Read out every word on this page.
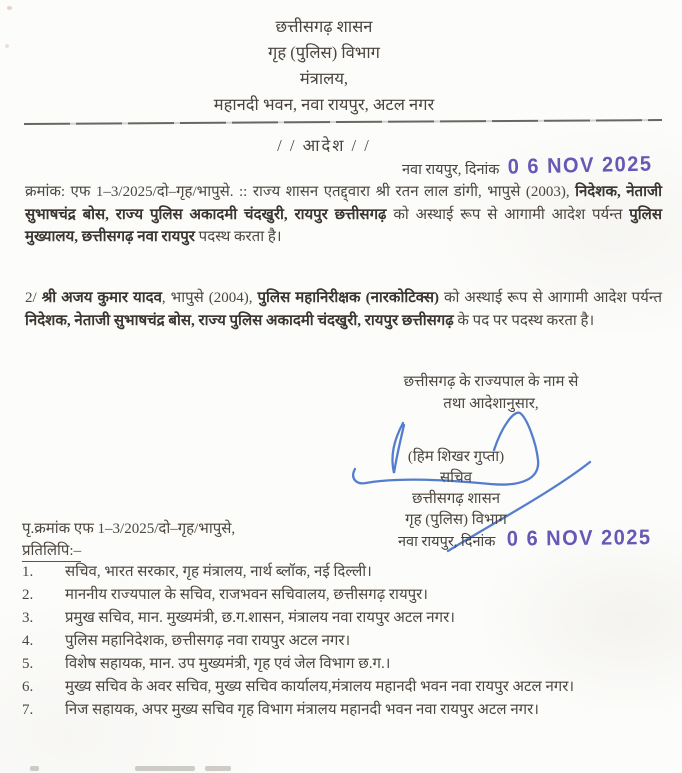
छत्तीसगढ़ शासन
गृह (पुलिस) विभाग
मंत्रालय,
महानदी भवन, नवा रायपुर, अटल नगर
/ / आदेश / /
नवा रायपुर, दिनांक 0 6 NOV 2025
क्रमांक: एफ 1–3/2025/दो–गृह/भापुसे. :: राज्य शासन एतद्द्वारा श्री रतन लाल डांगी, भापुसे (2003), निदेशक, नेताजी सुभाषचंद्र बोस, राज्य पुलिस अकादमी चंदखुरी, रायपुर छत्तीसगढ़ को अस्थाई रूप से आगामी आदेश पर्यन्त पुलिस मुख्यालय, छत्तीसगढ़ नवा रायपुर पदस्थ करता है।
2/ श्री अजय कुमार यादव, भापुसे (2004), पुलिस महानिरीक्षक (नारकोटिक्स) को अस्थाई रूप से आगामी आदेश पर्यन्त निदेशक, नेताजी सुभाषचंद्र बोस, राज्य पुलिस अकादमी चंदखुरी, रायपुर छत्तीसगढ़ के पद पर पदस्थ करता है।
छत्तीसगढ़ के राज्यपाल के नाम से
तथा आदेशानुसार,
(हिम शिखर गुप्ता)
सचिव
छत्तीसगढ़ शासन
गृह (पुलिस) विभाग
नवा रायपुर, दिनांक 0 6 NOV 2025
पृ.क्रमांक एफ 1–3/2025/दो–गृह/भापुसे,
प्रतिलिपि:–
1.	सचिव, भारत सरकार, गृह मंत्रालय, नार्थ ब्लॉक, नई दिल्ली।
2.	माननीय राज्यपाल के सचिव, राजभवन सचिवालय, छत्तीसगढ़ रायपुर।
3.	प्रमुख सचिव, मान. मुख्यमंत्री, छ.ग.शासन, मंत्रालय नवा रायपुर अटल नगर।
4.	पुलिस महानिदेशक, छत्तीसगढ़ नवा रायपुर अटल नगर।
5.	विशेष सहायक, मान. उप मुख्यमंत्री, गृह एवं जेल विभाग छ.ग.।
6.	मुख्य सचिव के अवर सचिव, मुख्य सचिव कार्यालय,मंत्रालय महानदी भवन नवा रायपुर अटल नगर।
7.	निज सहायक, अपर मुख्य सचिव गृह विभाग मंत्रालय महानदी भवन नवा रायपुर अटल नगर।
